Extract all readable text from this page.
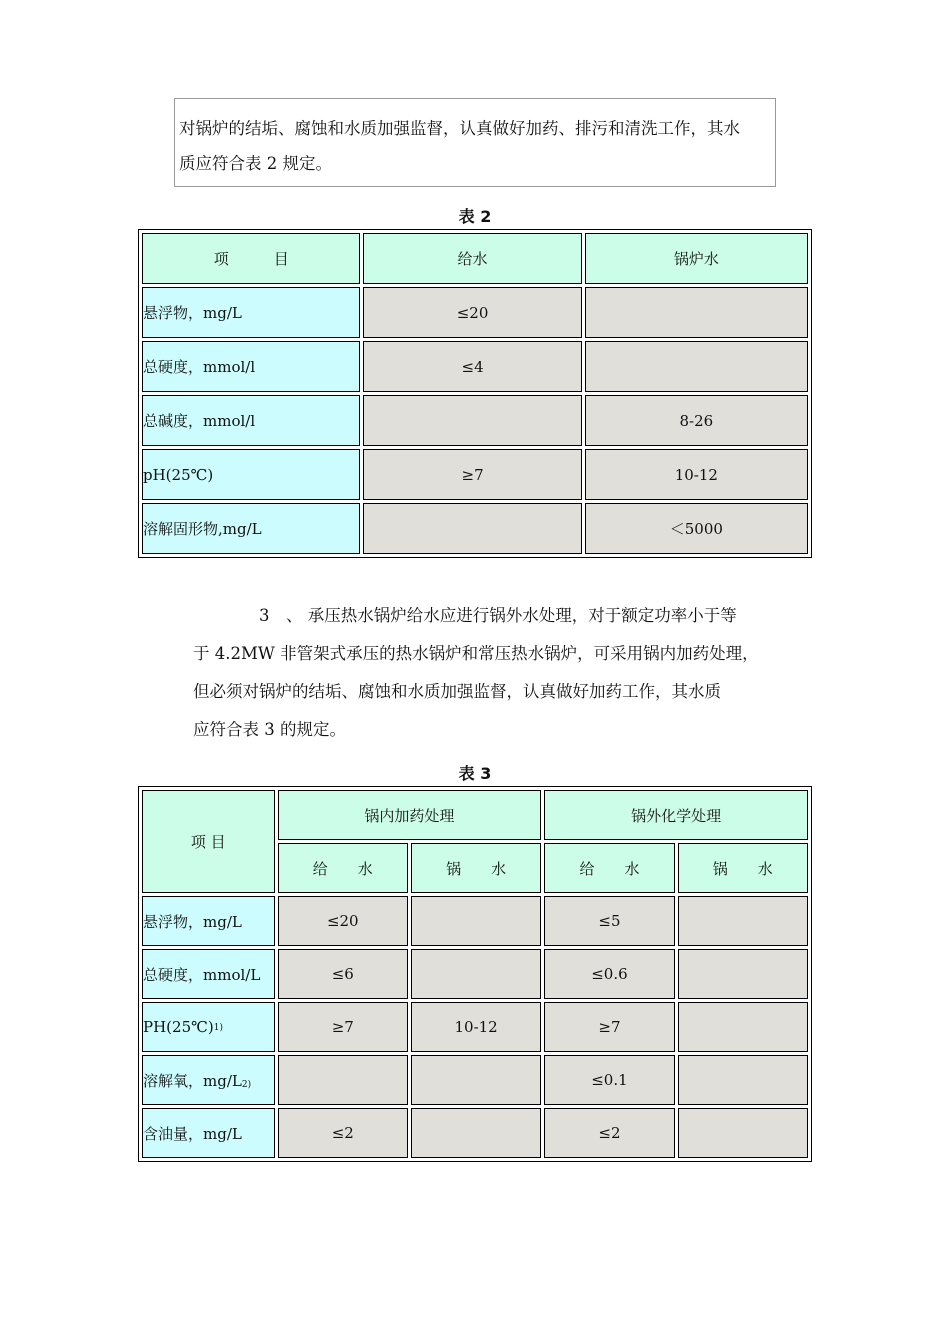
对锅炉的结垢、腐蚀和水质加强监督，认真做好加药、排污和清洗工作，其水
质应符合表 2 规定。
表 2
项　　　目	给水	锅炉水
悬浮物，mg/L	≤20	
总硬度，mmol/l	≤4	
总碱度，mmol/l		8-26
pH(25℃)	≥7	10-12
溶解固形物,mg/L		＜5000

3　、 承压热水锅炉给水应进行锅外水处理，对于额定功率小于等

于 4.2MW 非管架式承压的热水锅炉和常压热水锅炉，可采用锅内加药处理，

但必须对锅炉的结垢、腐蚀和水质加强监督，认真做好加药工作，其水质

应符合表 3 的规定。

表 3
项 目	锅内加药处理		锅外化学处理	
	给　　水	锅　　水	给　　水	锅　　水
悬浮物，mg/L	≤20		≤5	
总硬度，mmol/L	≤6		≤0.6	
PH(25℃)$^{1)}$	≥7	10-12	≥7	
溶解氧，$mg/L_{2)}$			≤0.1	
含油量，mg/L	≤2		≤2	
